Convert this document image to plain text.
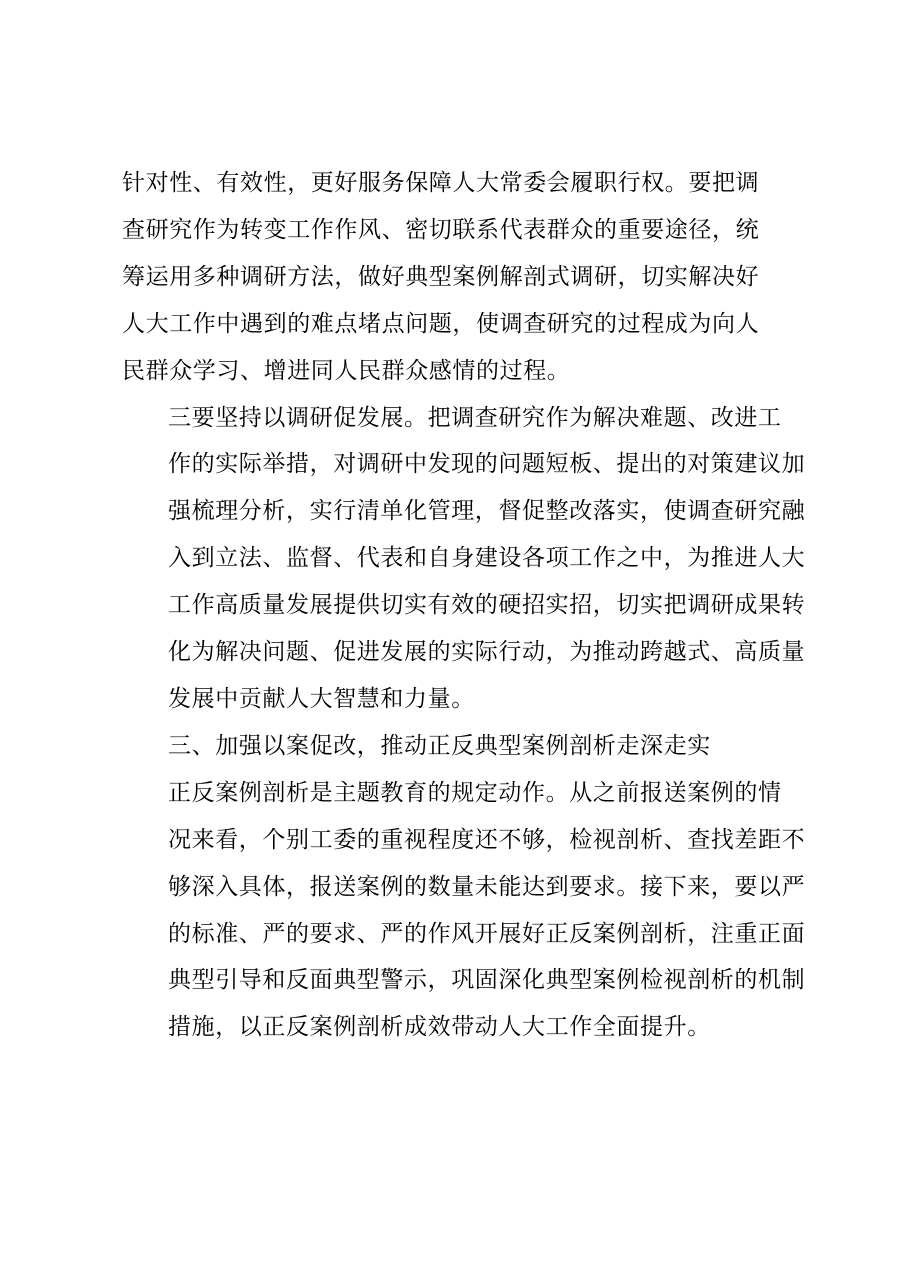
针对性、有效性，更好服务保障人大常委会履职行权。要把调
查研究作为转变工作作风、密切联系代表群众的重要途径，统
筹运用多种调研方法，做好典型案例解剖式调研，切实解决好
人大工作中遇到的难点堵点问题，使调查研究的过程成为向人
民群众学习、增进同人民群众感情的过程。

三要坚持以调研促发展。把调查研究作为解决难题、改进工
作的实际举措，对调研中发现的问题短板、提出的对策建议加
强梳理分析，实行清单化管理，督促整改落实，使调查研究融
入到立法、监督、代表和自身建设各项工作之中，为推进人大
工作高质量发展提供切实有效的硬招实招，切实把调研成果转
化为解决问题、促进发展的实际行动，为推动跨越式、高质量
发展中贡献人大智慧和力量。

三、加强以案促改，推动正反典型案例剖析走深走实

正反案例剖析是主题教育的规定动作。从之前报送案例的情
况来看，个别工委的重视程度还不够，检视剖析、查找差距不
够深入具体，报送案例的数量未能达到要求。接下来，要以严
的标准、严的要求、严的作风开展好正反案例剖析，注重正面
典型引导和反面典型警示，巩固深化典型案例检视剖析的机制
措施，以正反案例剖析成效带动人大工作全面提升。
